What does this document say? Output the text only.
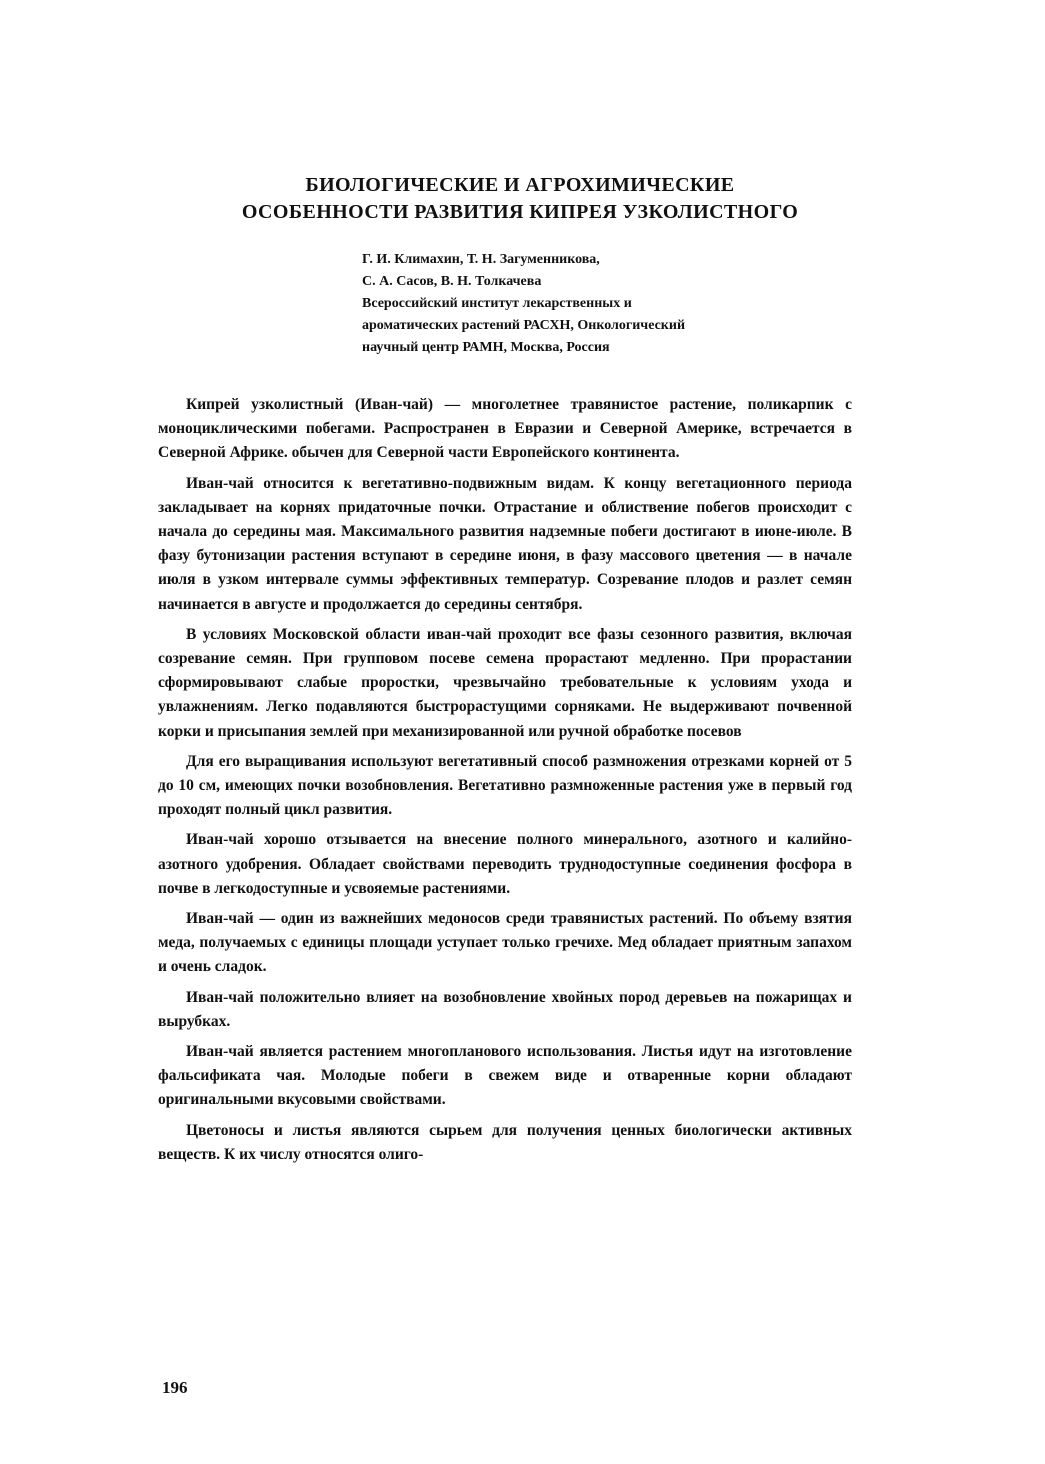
БИОЛОГИЧЕСКИЕ И АГРОХИМИЧЕСКИЕ
ОСОБЕННОСТИ РАЗВИТИЯ КИПРЕЯ УЗКОЛИСТНОГО
Г. И. Климахин, Т. Н. Загуменникова,
С. А. Сасов, В. Н. Толкачева
Всероссийский институт лекарственных и
ароматических растений РАСХН, Онкологический
научный центр РАМН, Москва, Россия

Кипрей узколистный (Иван-чай) — многолетнее травянистое растение, поликарпик с моноциклическими побегами. Распространен в Евразии и Северной Америке, встречается в Северной Африке. обычен для Северной части Европейского континента.

Иван-чай относится к вегетативно-подвижным видам. К концу вегетационного периода закладывает на корнях придаточные почки. Отрастание и облиствение побегов происходит с начала до середины мая. Максимального развития надземные побеги достигают в июне-июле. В фазу бутонизации растения вступают в середине июня, в фазу массового цветения — в начале июля в узком интервале суммы эффективных температур. Созревание плодов и разлет семян начинается в августе и продолжается до середины сентября.

В условиях Московской области иван-чай проходит все фазы сезонного развития, включая созревание семян. При групповом посеве семена прорастают медленно. При прорастании сформировывают слабые проростки, чрезвычайно требовательные к условиям ухода и увлажнениям. Легко подавляются быстрорастущими сорняками. Не выдерживают почвенной корки и присыпания землей при механизированной или ручной обработке посевов

Для его выращивания используют вегетативный способ размножения отрезками корней от 5 до 10 см, имеющих почки возобновления. Вегетативно размноженные растения уже в первый год проходят полный цикл развития.

Иван-чай хорошо отзывается на внесение полного минерального, азотного и калийно-азотного удобрения. Обладает свойствами переводить труднодоступные соединения фосфора в почве в легкодоступные и усвояемые растениями.

Иван-чай — один из важнейших медоносов среди травянистых растений. По объему взятия меда, получаемых с единицы площади уступает только гречихе. Мед обладает приятным запахом и очень сладок.

Иван-чай положительно влияет на возобновление хвойных пород деревьев на пожарищах и вырубках.

Иван-чай является растением многопланового использования. Листья идут на изготовление фальсификата чая. Молодые побеги в свежем виде и отваренные корни обладают оригинальными вкусовыми свойствами.

Цветоносы и листья являются сырьем для получения ценных биологически активных веществ. К их числу относятся олиго-

196
